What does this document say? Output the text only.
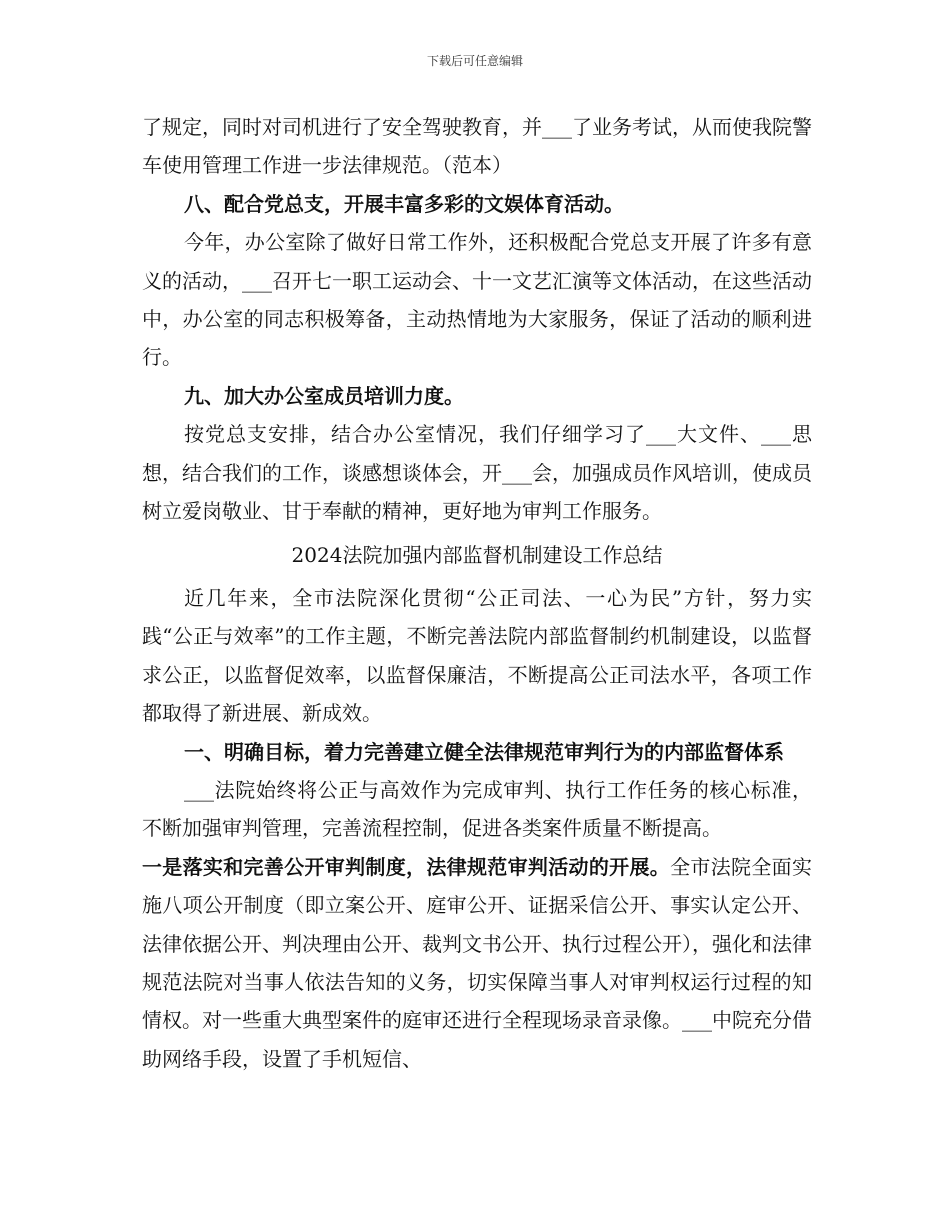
下载后可任意编辑

了规定，同时对司机进行了安全驾驶教育，并___了业务考试，从而使我院警车使用管理工作进一步法律规范。（范本）

八、配合党总支，开展丰富多彩的文娱体育活动。

今年，办公室除了做好日常工作外，还积极配合党总支开展了许多有意义的活动，___召开七一职工运动会、十一文艺汇演等文体活动，在这些活动中，办公室的同志积极筹备，主动热情地为大家服务，保证了活动的顺利进行。

九、加大办公室成员培训力度。

按党总支安排，结合办公室情况，我们仔细学习了___大文件、___思想，结合我们的工作，谈感想谈体会，开___会，加强成员作风培训，使成员树立爱岗敬业、甘于奉献的精神，更好地为审判工作服务。

2024法院加强内部监督机制建设工作总结

近几年来，全市法院深化贯彻“公正司法、一心为民”方针，努力实践“公正与效率”的工作主题，不断完善法院内部监督制约机制建设，以监督求公正，以监督促效率，以监督保廉洁，不断提高公正司法水平，各项工作都取得了新进展、新成效。

一、明确目标，着力完善建立健全法律规范审判行为的内部监督体系

___法院始终将公正与高效作为完成审判、执行工作任务的核心标准，不断加强审判管理，完善流程控制，促进各类案件质量不断提高。

一是落实和完善公开审判制度，法律规范审判活动的开展。全市法院全面实施八项公开制度（即立案公开、庭审公开、证据采信公开、事实认定公开、法律依据公开、判决理由公开、裁判文书公开、执行过程公开），强化和法律规范法院对当事人依法告知的义务，切实保障当事人对审判权运行过程的知情权。对一些重大典型案件的庭审还进行全程现场录音录像。___中院充分借助网络手段，设置了手机短信、
